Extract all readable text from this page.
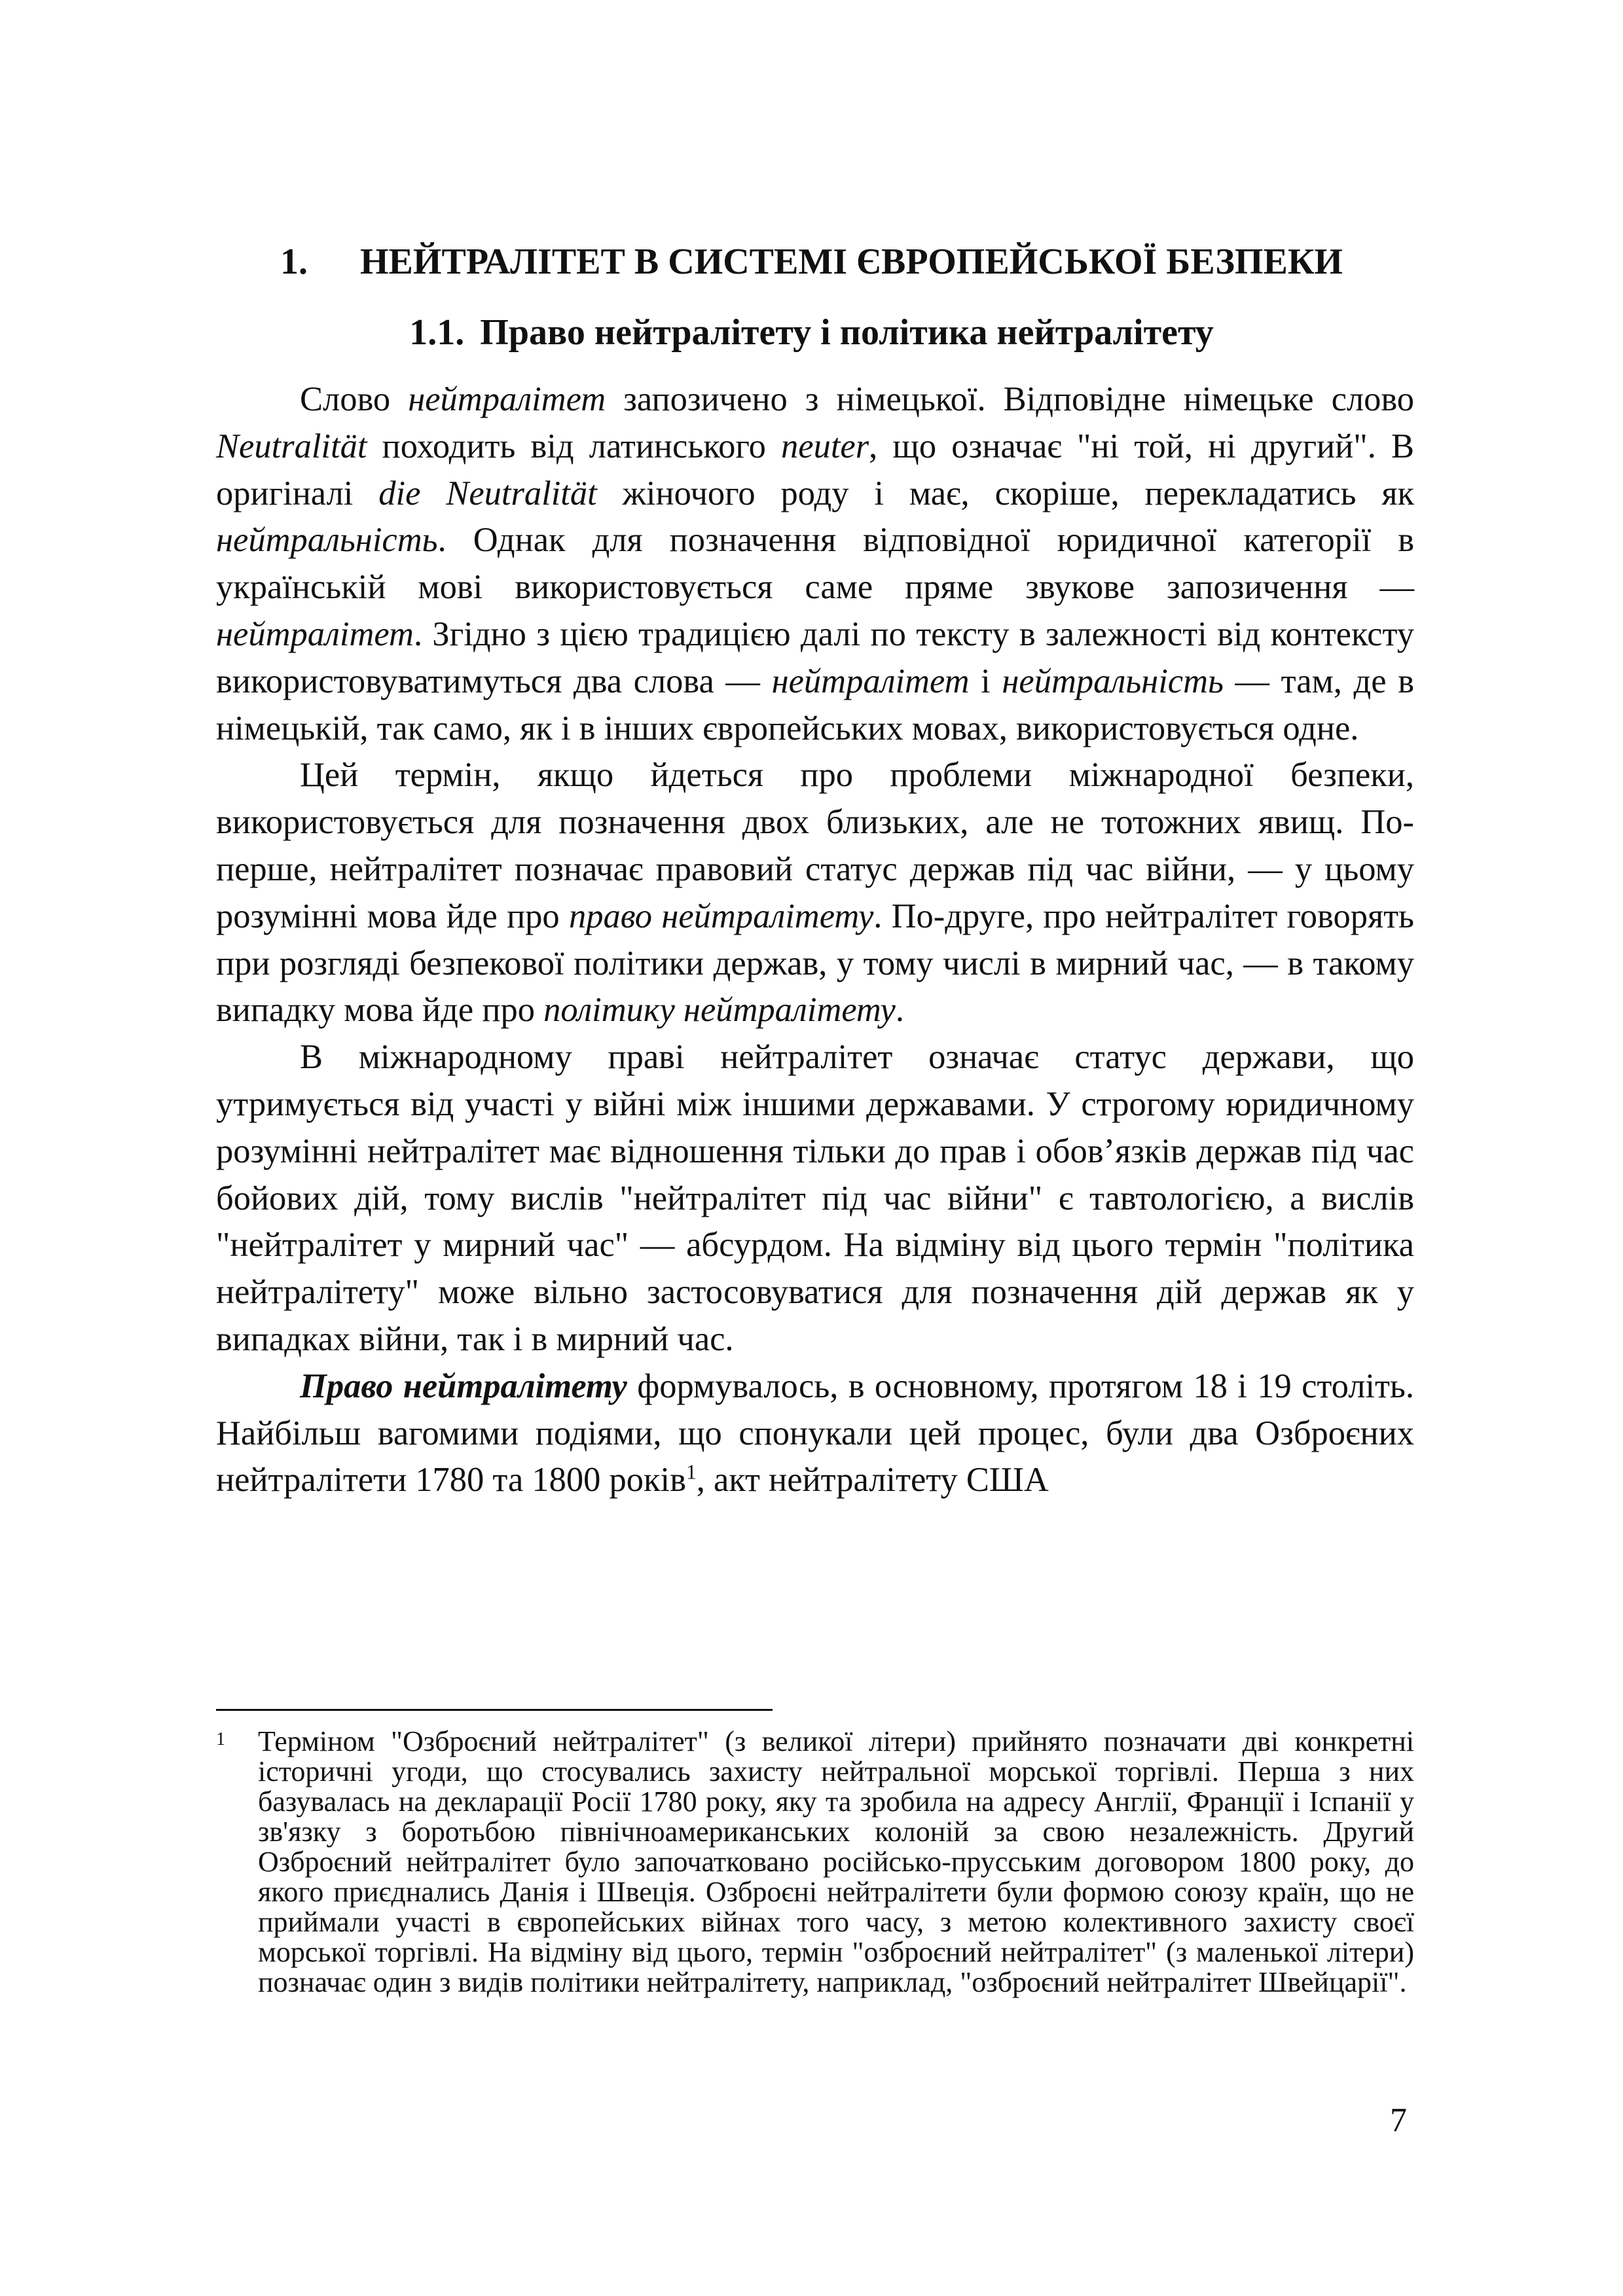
1. НЕЙТРАЛІТЕТ В СИСТЕМІ ЄВРОПЕЙСЬКОЇ БЕЗПЕКИ
1.1. Право нейтралітету і політика нейтралітету

Слово нейтралітет запозичено з німецької. Відповідне німецьке слово Neutralität походить від латинського neuter, що означає "ні той, ні другий". В оригіналі die Neutralität жіночого роду і має, скоріше, перекладатись як нейтральність. Однак для позначення відповідної юридичної категорії в українській мові використовується саме пряме звукове запозичення — нейтралітет. Згідно з цією традицією далі по тексту в залежності від контексту використовуватимуться два слова — нейтралітет і нейтральність — там, де в німецькій, так само, як і в інших європейських мовах, використовується одне.

Цей термін, якщо йдеться про проблеми міжнародної безпеки, використовується для позначення двох близьких, але не тотожних явищ. По-перше, нейтралітет позначає правовий статус держав під час війни, — у цьому розумінні мова йде про право нейтралітету. По-друге, про нейтралітет говорять при розгляді безпекової політики держав, у тому числі в мирний час, — в такому випадку мова йде про політику нейтралітету.

В міжнародному праві нейтралітет означає статус держави, що утримується від участі у війні між іншими державами. У строгому юридичному розумінні нейтралітет має відношення тільки до прав і обов’язків держав під час бойових дій, тому вислів "нейтралітет під час війни" є тавтологією, а вислів "нейтралітет у мирний час" — абсурдом. На відміну від цього термін "політика нейтралітету" може вільно застосовуватися для позначення дій держав як у випадках війни, так і в мирний час.

Право нейтралітету формувалось, в основному, протягом 18 і 19 століть. Найбільш вагомими подіями, що спонукали цей процес, були два Озброєних нейтралітети 1780 та 1800 років$^1$, акт нейтралітету США

1	Терміном "Озброєний нейтралітет" (з великої літери) прийнято позначати дві конкретні історичні угоди, що стосувались захисту нейтральної морської торгівлі. Перша з них базувалась на декларації Росії 1780 року, яку та зробила на адресу Англії, Франції і Іспанії у зв'язку з боротьбою північноамериканських колоній за свою незалежність. Другий Озброєний нейтралітет було започатковано російсько-прусським договором 1800 року, до якого приєднались Данія і Швеція. Озброєні нейтралітети були формою союзу країн, що не приймали участі в європейських війнах того часу, з метою колективного захисту своєї морської торгівлі. На відміну від цього, термін "озброєний нейтралітет" (з маленької літери) позначає один з видів політики нейтралітету, наприклад, "озброєний нейтралітет Швейцарії".
7
